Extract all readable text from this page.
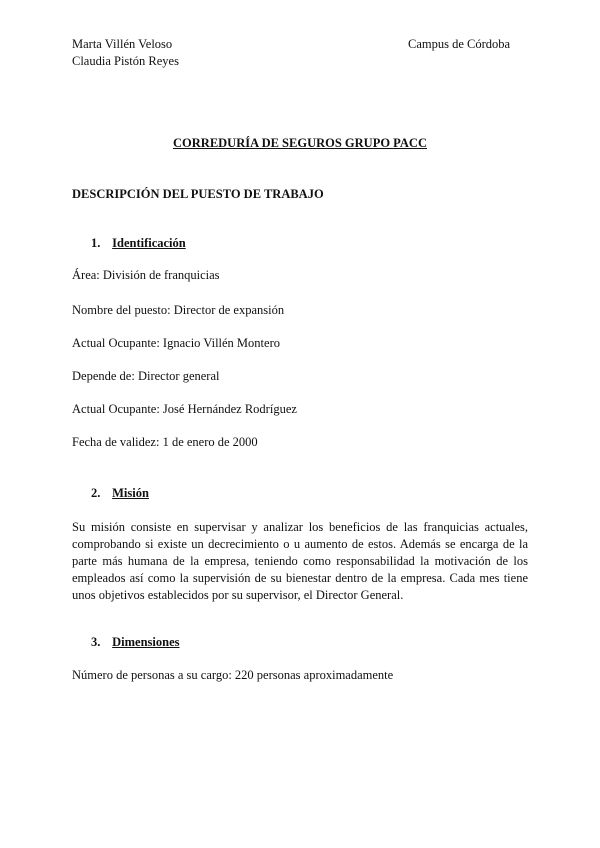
Marta Villén Veloso
Claudia Pistón Reyes
Campus de Córdoba
CORREDURÍA DE SEGUROS GRUPO PACC
DESCRIPCIÓN DEL PUESTO DE TRABAJO
1. Identificación
Área: División de franquicias
Nombre del puesto: Director de expansión
Actual Ocupante: Ignacio Villén Montero
Depende de: Director general
Actual Ocupante: José Hernández Rodríguez
Fecha de validez: 1 de enero de 2000
2. Misión
Su misión consiste en supervisar y analizar los beneficios de las franquicias actuales, comprobando si existe un decrecimiento o u aumento de estos. Además se encarga de la parte más humana de la empresa, teniendo como responsabilidad la motivación de los empleados así como la supervisión de su bienestar dentro de la empresa. Cada mes tiene unos objetivos establecidos por su supervisor, el Director General.
3. Dimensiones
Número de personas a su cargo: 220 personas aproximadamente
